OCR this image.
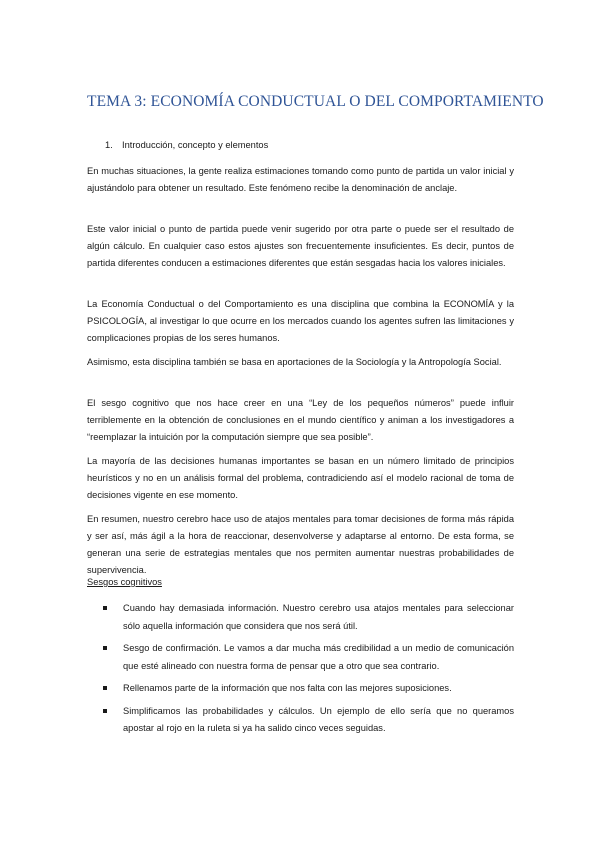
TEMA 3: ECONOMÍA CONDUCTUAL O DEL COMPORTAMIENTO
1. Introducción, concepto y elementos

En muchas situaciones, la gente realiza estimaciones tomando como punto de partida un valor inicial y ajustándolo para obtener un resultado. Este fenómeno recibe la denominación de anclaje.

Este valor inicial o punto de partida puede venir sugerido por otra parte o puede ser el resultado de algún cálculo. En cualquier caso estos ajustes son frecuentemente insuficientes. Es decir, puntos de partida diferentes conducen a estimaciones diferentes que están sesgadas hacia los valores iniciales.

La Economía Conductual o del Comportamiento es una disciplina que combina la ECONOMÍA y la PSICOLOGÍA, al investigar lo que ocurre en los mercados cuando los agentes sufren las limitaciones y complicaciones propias de los seres humanos.

Asimismo, esta disciplina también se basa en aportaciones de la Sociología y la Antropología Social.

El sesgo cognitivo que nos hace creer en una “Ley de los pequeños números” puede influir terriblemente en la obtención de conclusiones en el mundo científico y animan a los investigadores a “reemplazar la intuición por la computación siempre que sea posible”.

La mayoría de las decisiones humanas importantes se basan en un número limitado de principios heurísticos y no en un análisis formal del problema, contradiciendo así el modelo racional de toma de decisiones vigente en ese momento.

En resumen, nuestro cerebro hace uso de atajos mentales para tomar decisiones de forma más rápida y ser así, más ágil a la hora de reaccionar, desenvolverse y adaptarse al entorno. De esta forma, se generan una serie de estrategias mentales que nos permiten aumentar nuestras probabilidades de supervivencia.

Sesgos cognitivos
Cuando hay demasiada información. Nuestro cerebro usa atajos mentales para seleccionar sólo aquella información que considera que nos será útil.
Sesgo de confirmación. Le vamos a dar mucha más credibilidad a un medio de comunicación que esté alineado con nuestra forma de pensar que a otro que sea contrario.
Rellenamos parte de la información que nos falta con las mejores suposiciones.
Simplificamos las probabilidades y cálculos. Un ejemplo de ello sería que no queramos apostar al rojo en la ruleta si ya ha salido cinco veces seguidas.
